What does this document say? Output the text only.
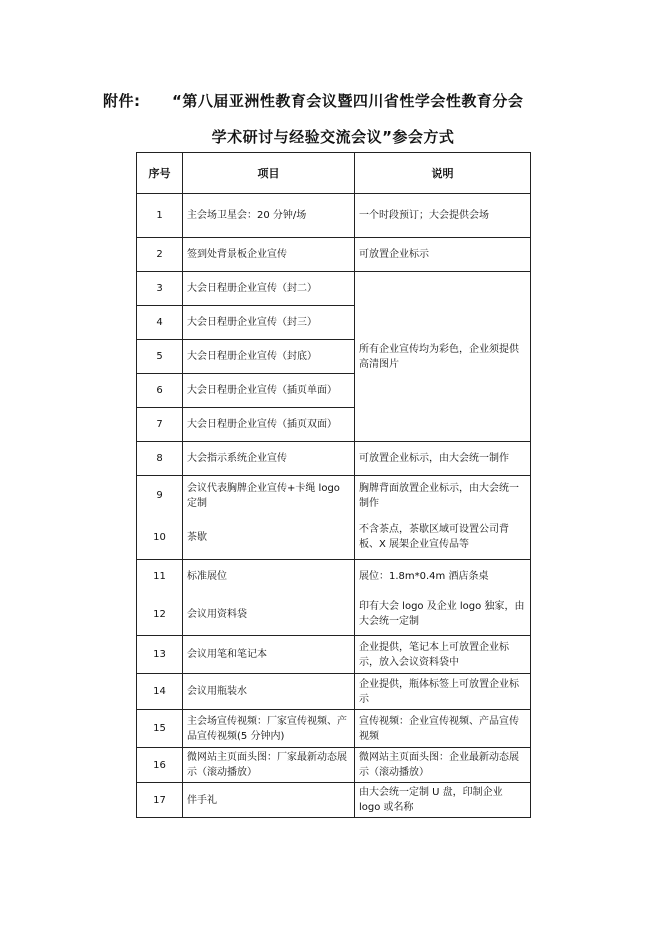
附件: “第八届亚洲性教育会议暨四川省性学会性教育分会
学术研讨与经验交流会议”参会方式
序号	项目	说明
1	主会场卫星会：20 分钟/场	一个时段预订；大会提供会场
2	签到处背景板企业宣传	可放置企业标示
3	大会日程册企业宣传（封二）	所有企业宣传均为彩色，企业须提供高清图片
4	大会日程册企业宣传（封三）	
5	大会日程册企业宣传（封底）	
6	大会日程册企业宣传（插页单面）	
7	大会日程册企业宣传（插页双面）	
8	大会指示系统企业宣传	可放置企业标示，由大会统一制作
9	会议代表胸牌企业宣传+卡绳 logo 定制	胸牌背面放置企业标示，由大会统一制作
10	茶歇	不含茶点，茶歇区域可设置公司背板、X 展架企业宣传品等
11	标准展位	展位：1.8m*0.4m 酒店条桌
12	会议用资料袋	印有大会 logo 及企业 logo 独家，由大会统一定制
13	会议用笔和笔记本	企业提供，笔记本上可放置企业标示，放入会议资料袋中
14	会议用瓶装水	企业提供，瓶体标签上可放置企业标示
15	主会场宣传视频：厂家宣传视频、产品宣传视频(5 分钟内)	宣传视频：企业宣传视频、产品宣传视频
16	微网站主页面头图：厂家最新动态展示（滚动播放）	微网站主页面头图：企业最新动态展示（滚动播放）
17	伴手礼	由大会统一定制 U 盘，印制企业 logo 或名称
